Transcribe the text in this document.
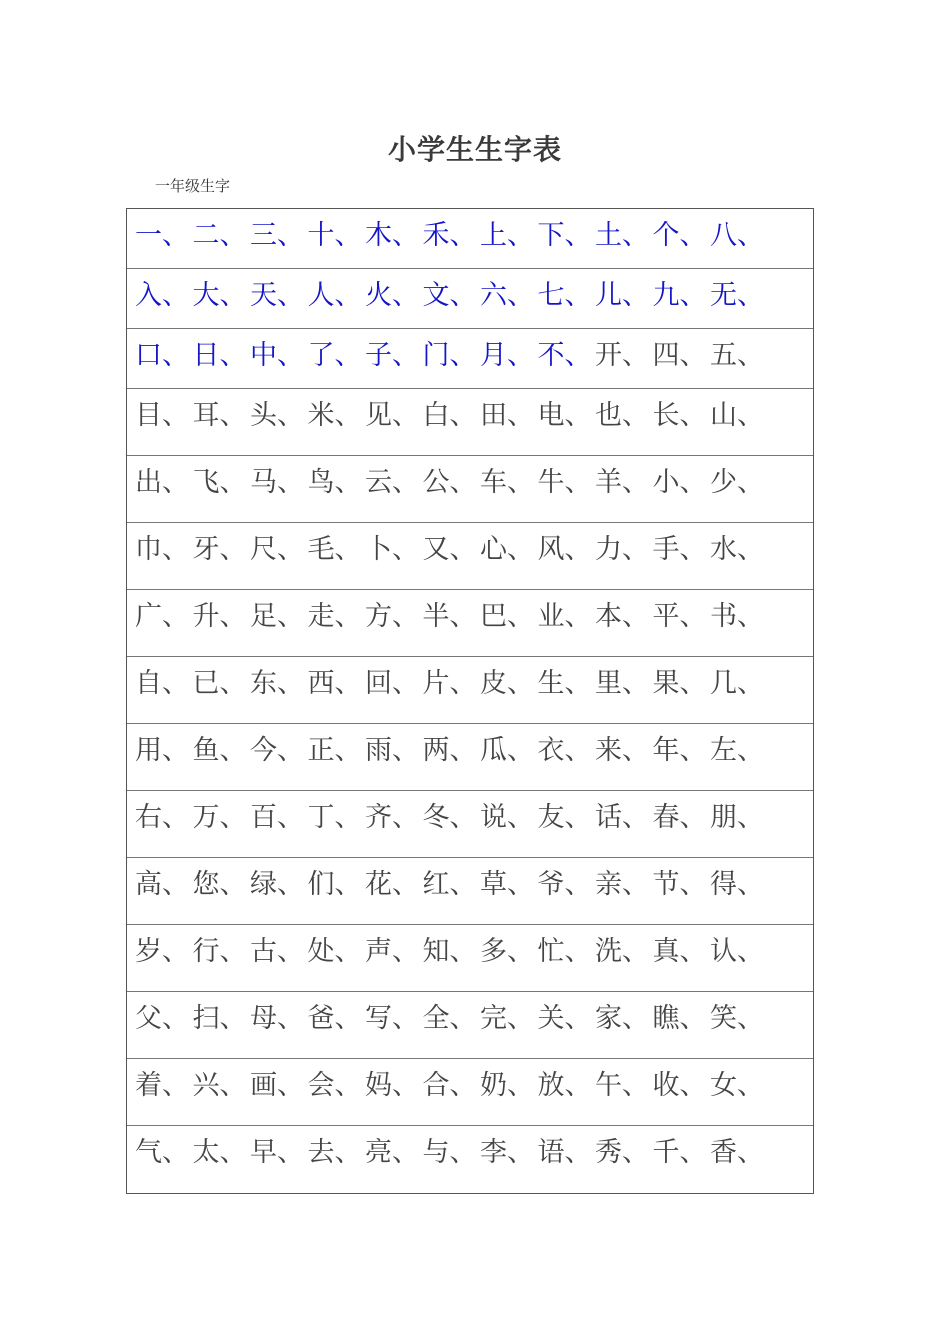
小学生生字表
一年级生字
一、 二、 三、 十、 木、 禾、 上、 下、 土、 个、 八、
入、 大、 天、 人、 火、 文、 六、 七、 儿、 九、 无、
口、 日、 中、 了、 子、 门、 月、 不、 开、 四、 五、
目、 耳、 头、 米、 见、 白、 田、 电、 也、 长、 山、
出、 飞、 马、 鸟、 云、 公、 车、 牛、 羊、 小、 少、
巾、 牙、 尺、 毛、 卜、 又、 心、 风、 力、 手、 水、
广、 升、 足、 走、 方、 半、 巴、 业、 本、 平、 书、
自、 已、 东、 西、 回、 片、 皮、 生、 里、 果、 几、
用、 鱼、 今、 正、 雨、 两、 瓜、 衣、 来、 年、 左、
右、 万、 百、 丁、 齐、 冬、 说、 友、 话、 春、 朋、
高、 您、 绿、 们、 花、 红、 草、 爷、 亲、 节、 得、
岁、 行、 古、 处、 声、 知、 多、 忙、 洗、 真、 认、
父、 扫、 母、 爸、 写、 全、 完、 关、 家、 瞧、 笑、
着、 兴、 画、 会、 妈、 合、 奶、 放、 午、 收、 女、
气、 太、 早、 去、 亮、 与、 李、 语、 秀、 千、 香、
